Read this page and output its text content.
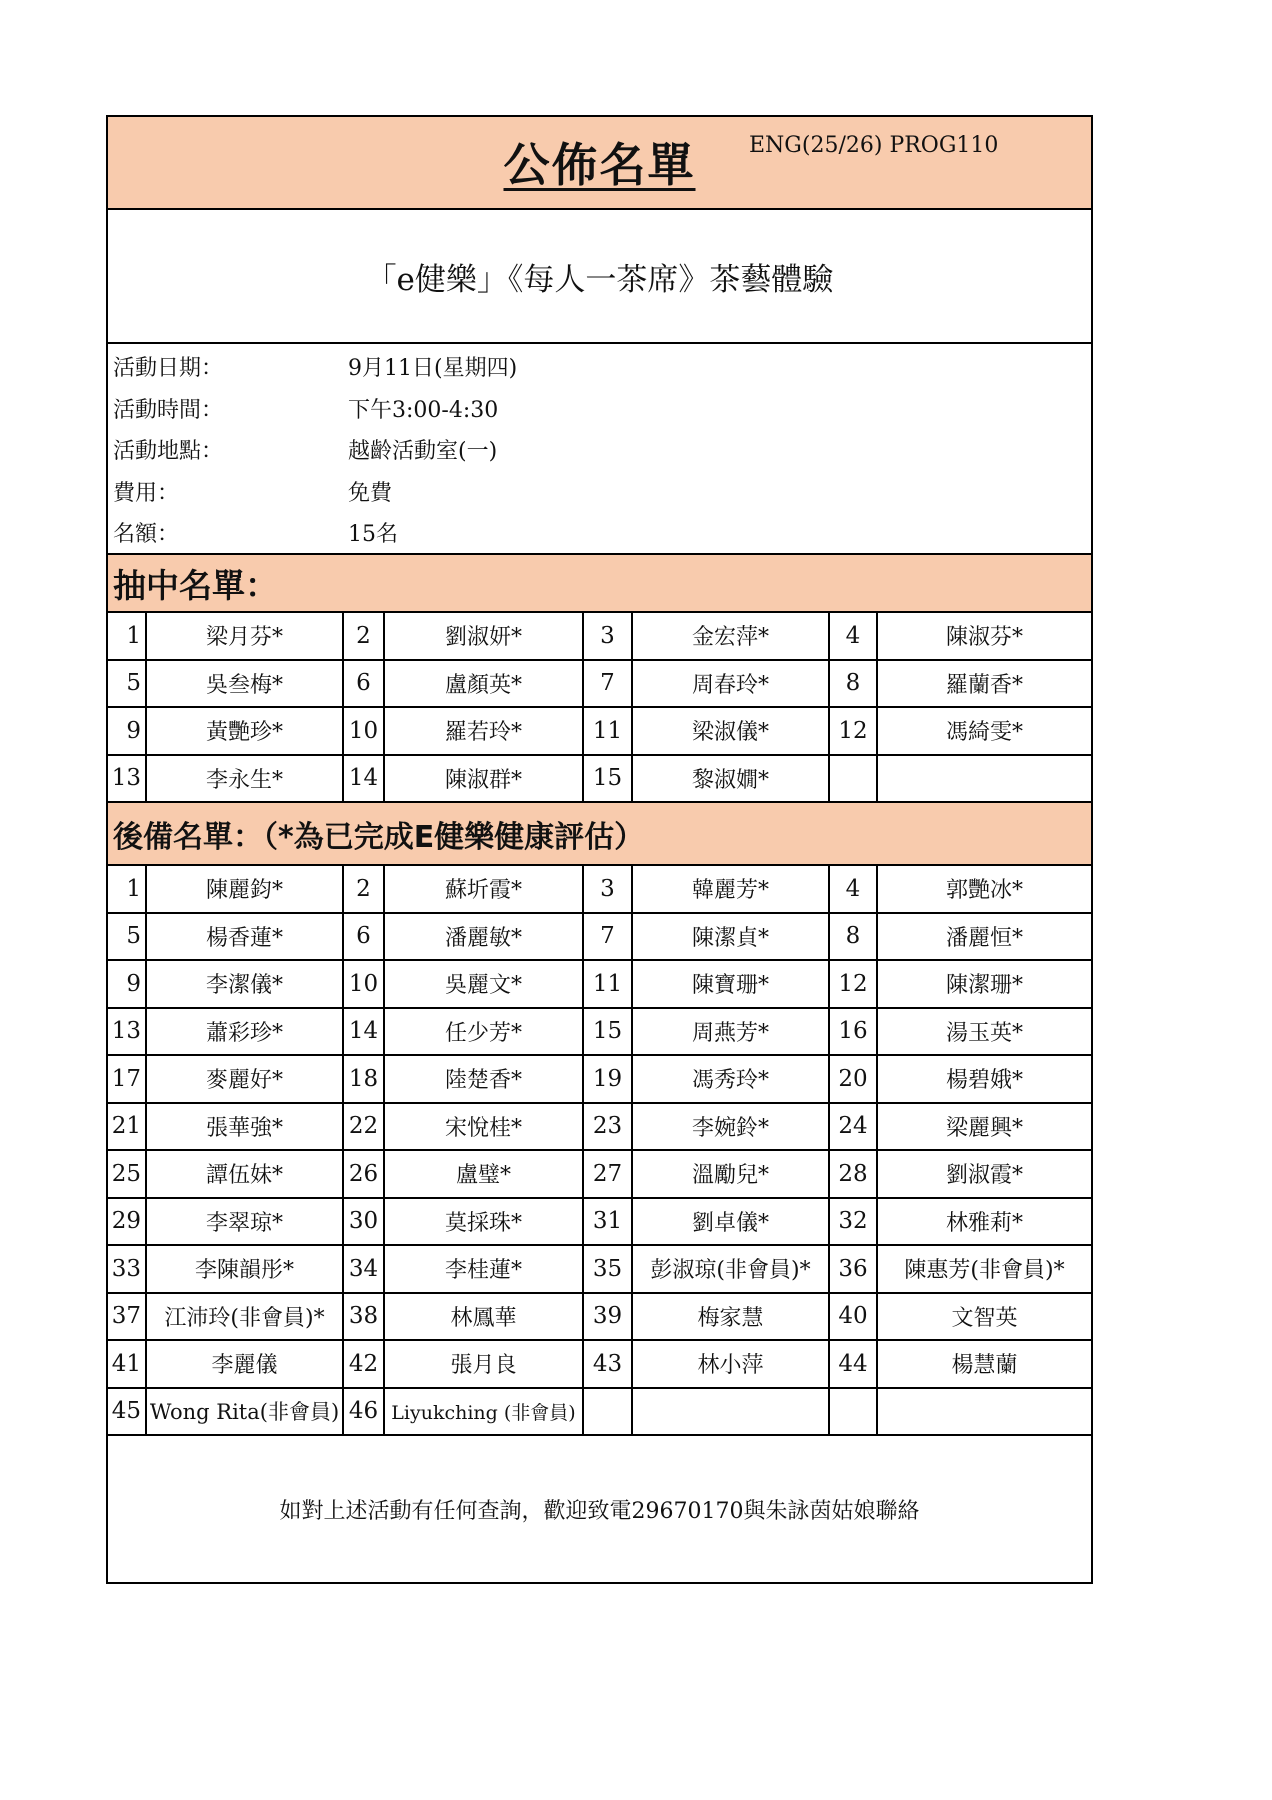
公佈名單	ENG(25/26) PROG110
「e健樂」《每人一茶席》茶藝體驗
活動日期：	9月11日(星期四)
活動時間：	下午3:00-4:30
活動地點：	越齡活動室(一)
費用：	免費
名額：	15名
抽中名單：
1	梁月芬*	2	劉淑妍*	3	金宏萍*	4	陳淑芬*
5	吳叁梅*	6	盧顏英*	7	周春玲*	8	羅蘭香*
9	黃艷珍*	10	羅若玲*	11	梁淑儀*	12	馮綺雯*
13	李永生*	14	陳淑群*	15	黎淑嫺*
後備名單：（*為已完成E健樂健康評估）
1	陳麗鈞*	2	蘇圻霞*	3	韓麗芳*	4	郭艷冰*
5	楊香蓮*	6	潘麗敏*	7	陳潔貞*	8	潘麗恒*
9	李潔儀*	10	吳麗文*	11	陳寶珊*	12	陳潔珊*
13	蕭彩珍*	14	任少芳*	15	周燕芳*	16	湯玉英*
17	麥麗好*	18	陸楚香*	19	馮秀玲*	20	楊碧娥*
21	張華強*	22	宋悅桂*	23	李婉鈴*	24	梁麗興*
25	譚伍妹*	26	盧璧*	27	溫勵兒*	28	劉淑霞*
29	李翠琼*	30	莫採珠*	31	劉卓儀*	32	林雅莉*
33	李陳韻彤*	34	李桂蓮*	35	彭淑琼(非會員)*	36	陳惠芳(非會員)*
37	江沛玲(非會員)*	38	林鳳華	39	梅家慧	40	文智英
41	李麗儀	42	張月良	43	林小萍	44	楊慧蘭
45 Wong Rita(非會員) 46 Liyukching (非會員)
如對上述活動有任何查詢，歡迎致電29670170與朱詠茵姑娘聯絡
